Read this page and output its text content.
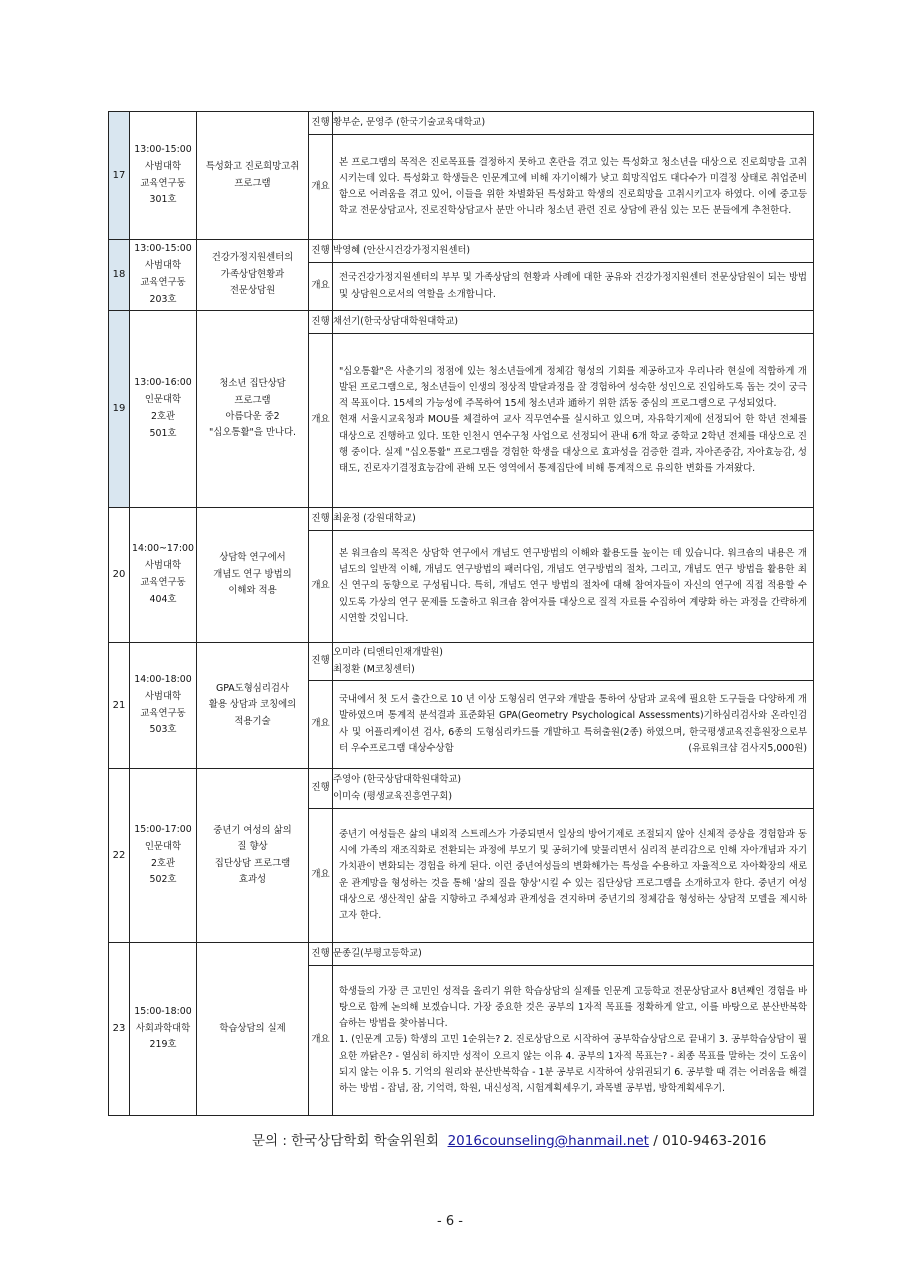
17	13:00-15:00
사범대학
교육연구동
301호	특성화고 진로희망고취
프로그램	진행	황부순, 문영주 (한국기술교육대학교)
			개요	본 프로그램의 목적은 진로목표를 결정하지 못하고 혼란을 겪고 있는 특성화고 청소년을 대상으로 진로희망을 고취시키는데 있다. 특성화고 학생들은 인문계고에 비해 자기이해가 낮고 희망직업도 대다수가 미결정 상태로 취업준비 함으로 어려움을 겪고 있어, 이들을 위한 차별화된 특성화고 학생의 진로희망을 고취시키고자 하였다. 이에 중고등학교 전문상담교사, 진로진학상담교사 분만 아니라 청소년 관련 진로 상담에 관심 있는 모든 분들에게 추천한다.
18	13:00-15:00
사범대학
교육연구동
203호	건강가정지원센터의
가족상담현황과
전문상담원	진행	박영혜 (안산시건강가정지원센터)
			개요	전국건강가정지원센터의 부부 및 가족상담의 현황과 사례에 대한 공유와 건강가정지원센터 전문상담원이 되는 방법 및 상담원으로서의 역할을 소개합니다.
19	13:00-16:00
인문대학
2호관
501호	청소년 집단상담
프로그램
아름다운 중2
"십오통활"을 만나다.	진행	채선기(한국상담대학원대학교)
			개요	"십오통활"은 사춘기의 정점에 있는 청소년들에게 정체감 형성의 기회를 제공하고자 우리나라 현실에 적합하게 개발된 프로그램으로, 청소년들이 인생의 정상적 발달과정을 잘 경험하여 성숙한 성인으로 진입하도록 돕는 것이 궁극적 목표이다. 15세의 가능성에 주목하여 15세 청소년과 通하기 위한 活동 중심의 프로그램으로 구성되었다.
현재 서울시교육청과 MOU를 체결하여 교사 직무연수를 실시하고 있으며, 자유학기제에 선정되어 한 학년 전체를 대상으로 진행하고 있다. 또한 인천시 연수구청 사업으로 선정되어 관내 6개 학교 중학교 2학년 전체를 대상으로 진행 중이다. 실제 "십오통활" 프로그램을 경험한 학생을 대상으로 효과성을 검증한 결과, 자아존중감, 자아효능감, 성태도, 진로자기결정효능감에 관해 모든 영역에서 통제집단에 비해 통계적으로 유의한 변화를 가져왔다.
20	14:00~17:00
사범대학
교육연구동
404호	상담학 연구에서
개념도 연구 방법의
이해와 적용	진행	최윤정 (강원대학교)
			개요	본 워크숍의 목적은 상담학 연구에서 개념도 연구방법의 이해와 활용도를 높이는 데 있습니다. 워크숍의 내용은 개념도의 일반적 이해, 개념도 연구방법의 패러다임, 개념도 연구방법의 절차, 그리고, 개념도 연구 방법을 활용한 최신 연구의 동향으로 구성됩니다. 특히, 개념도 연구 방법의 절차에 대해 참여자들이 자신의 연구에 직접 적용할 수 있도록 가상의 연구 문제를 도출하고 워크숍 참여자를 대상으로 질적 자료를 수집하여 계량화 하는 과정을 간략하게 시연할 것입니다.
21	14:00-18:00
사범대학
교육연구동
503호	GPA도형심리검사
활용 상담과 코칭에의
적용기술	진행	오미라 (티앤티인재개발원)
최정환 (M코칭센터)

			개요	국내에서 첫 도서 출간으로 10 년 이상 도형심리 연구와 개발을 통하여 상담과 교육에 필요한 도구들을 다양하게 개발하였으며 통계적 분석결과 표준화된 GPA(Geometry Psychological Assessments)기하심리검사와 온라인검사 및 어플리케이션 검사, 6종의 도형심리카드를 개발하고 특허출원(2종) 하였으며, 한국평생교육진흥원장으로부터 우수프로그램 대상수상함 (유료워크샵 검사지5,000원)

22	15:00-17:00
인문대학
2호관
502호	중년기 여성의 삶의
질 향상
집단상담 프로그램
효과성	진행	주영아 (한국상담대학원대학교)
이미숙 (평생교육진흥연구회)

			개요	중년기 여성들은 삶의 내외적 스트레스가 가중되면서 일상의 방어기제로 조절되지 않아 신체적 증상을 경험함과 동시에 가족의 재조직화로 전환되는 과정에 부모기 및 공허기에 맞물리면서 심리적 분리감으로 인해 자아개념과 자기가치관이 변화되는 경험을 하게 된다. 이런 중년여성들의 변화해가는 특성을 수용하고 자율적으로 자아확장의 새로운 관계망을 형성하는 것을 통해 '삶의 질을 향상'시킬 수 있는 집단상담 프로그램을 소개하고자 한다. 중년기 여성 대상으로 생산적인 삶을 지향하고 주체성과 관계성을 견지하며 중년기의 정체감을 형성하는 상담적 모델을 제시하고자 한다.
23	15:00-18:00
사회과학대학
219호	학습상담의 실제	진행	문종길(부평고등학교)
			개요	학생들의 가장 큰 고민인 성적을 올리기 위한 학습상담의 실제를 인문계 고등학교 전문상담교사 8년째인 경험을 바탕으로 함께 논의해 보겠습니다. 가장 중요한 것은 공부의 1자적 목표를 정확하게 알고, 이를 바탕으로 분산반복학습하는 방법을 찾아봅니다.
1. (인문계 고등) 학생의 고민 1순위는? 2. 진로상담으로 시작하여 공부학습상담으로 끝내기 3. 공부학습상담이 필요한 까닭은? - 열심히 하지만 성적이 오르지 않는 이유 4. 공부의 1자적 목표는? - 최종 목표를 말하는 것이 도움이 되지 않는 이유 5. 기억의 원리와 분산반복학습 - 1분 공부로 시작하여 상위권되기 6. 공부할 때 겪는 어려움을 해결하는 방법 - 잡념, 잠, 기억력, 학원, 내신성적, 시험계획세우기, 과목별 공부법, 방학계획세우기.
문의 : 한국상담학회 학술위원회 2016counseling@hanmail.net / 010-9463-2016
- 6 -
